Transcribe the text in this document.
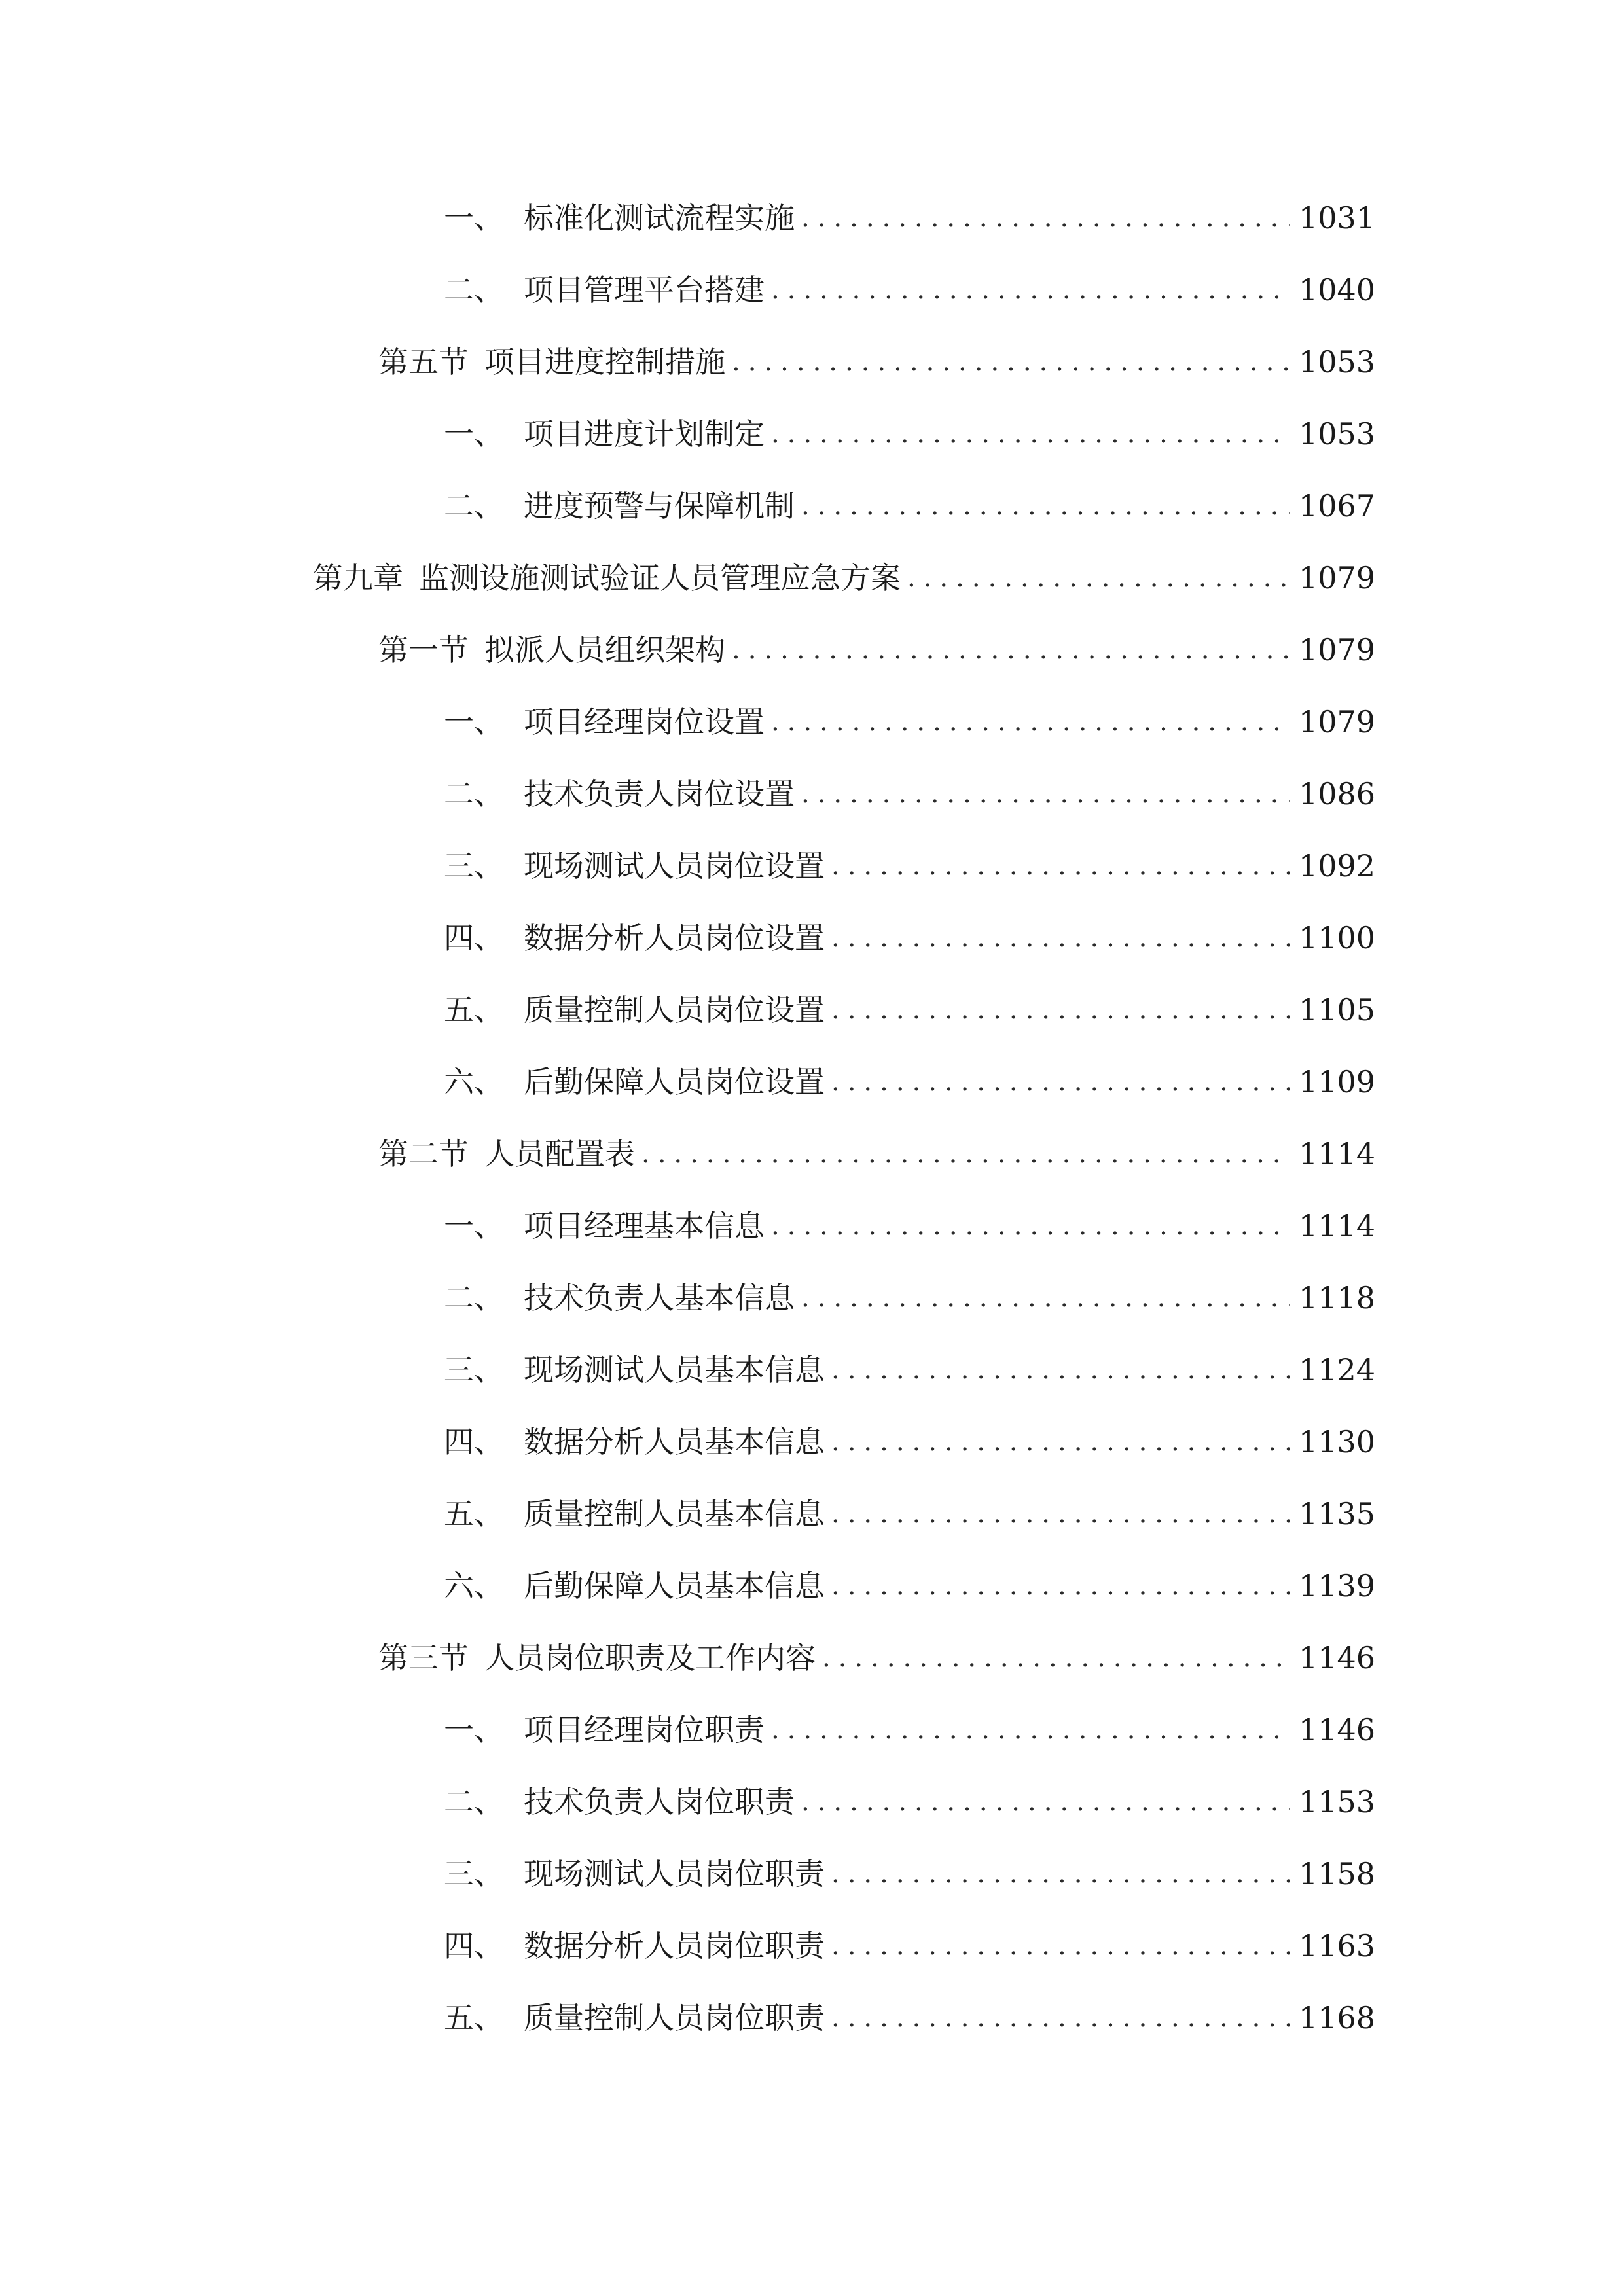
一、 标准化测试流程实施 .....	1031
二、 项目管理平台搭建 .....	1040
第五节 项目进度控制措施 .....	1053
一、 项目进度计划制定 .....	1053
二、 进度预警与保障机制 .....	1067
第九章 监测设施测试验证人员管理应急方案 .....	1079
第一节 拟派人员组织架构 .....	1079
一、 项目经理岗位设置 .....	1079
二、 技术负责人岗位设置 .....	1086
三、 现场测试人员岗位设置 .....	1092
四、 数据分析人员岗位设置 .....	1100
五、 质量控制人员岗位设置 .....	1105
六、 后勤保障人员岗位设置 .....	1109
第二节 人员配置表 .....	1114
一、 项目经理基本信息 .....	1114
二、 技术负责人基本信息 .....	1118
三、 现场测试人员基本信息 .....	1124
四、 数据分析人员基本信息 .....	1130
五、 质量控制人员基本信息 .....	1135
六、 后勤保障人员基本信息 .....	1139
第三节 人员岗位职责及工作内容 .....	1146
一、 项目经理岗位职责 .....	1146
二、 技术负责人岗位职责 .....	1153
三、 现场测试人员岗位职责 .....	1158
四、 数据分析人员岗位职责 .....	1163
五、 质量控制人员岗位职责 .....	1168
